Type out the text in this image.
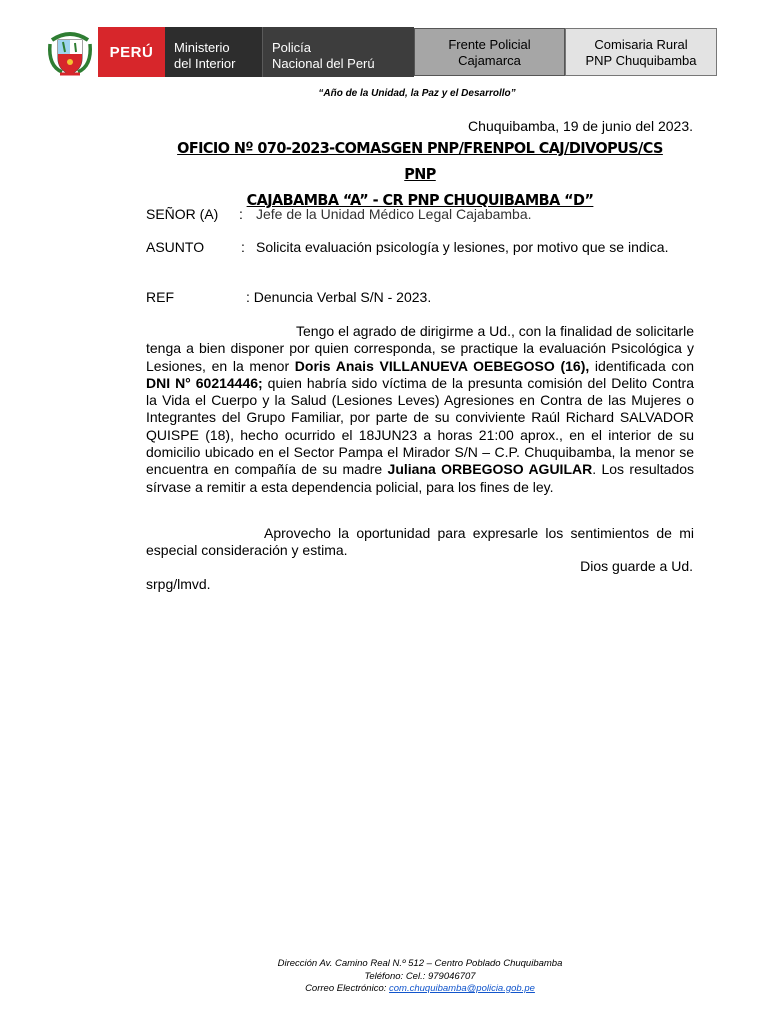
PERÚ	Ministerio
del Interior
Policía
Nacional del Perú
Frente Policial
Cajamarca
Comisaria Rural
PNP Chuquibamba
“Año de la Unidad, la Paz y el Desarrollo”
Chuquibamba, 19 de junio del 2023.
OFICIO Nº 070-2023-COMASGEN PNP/FRENPOL CAJ/DIVOPUS/CS PNP
CAJABAMBA “A” - CR PNP CHUQUIBAMBA “D”
SEÑOR (A) : Jefe de la Unidad Médico Legal Cajabamba.
ASUNTO	: Solicita evaluación psicología y lesiones, por motivo que se indica.
REF	: Denuncia Verbal S/N - 2023.
Tengo el agrado de dirigirme a Ud., con la finalidad de solicitarle tenga a bien disponer por quien corresponda, se practique la evaluación Psicológica y Lesiones, en la menor Doris Anais VILLANUEVA OEBEGOSO (16), identificada con DNI N° 60214446; quien habría sido víctima de la presunta comisión del Delito Contra la Vida el Cuerpo y la Salud (Lesiones Leves) Agresiones en Contra de las Mujeres o Integrantes del Grupo Familiar, por parte de su conviviente Raúl Richard SALVADOR QUISPE (18), hecho ocurrido el 18JUN23 a horas 21:00 aprox., en el interior de su domicilio ubicado en el Sector Pampa el Mirador S/N – C.P. Chuquibamba, la menor se encuentra en compañía de su madre Juliana ORBEGOSO AGUILAR. Los resultados sírvase a remitir a esta dependencia policial, para los fines de ley.
Aprovecho la oportunidad para expresarle los sentimientos de mi especial consideración y estima.
Dios guarde a Ud.
srpg/lmvd.
Dirección Av. Camino Real N.º 512 – Centro Poblado Chuquibamba
Teléfono: Cel.: 979046707
Correo Electrónico: com.chuquibamba@policia.gob.pe
